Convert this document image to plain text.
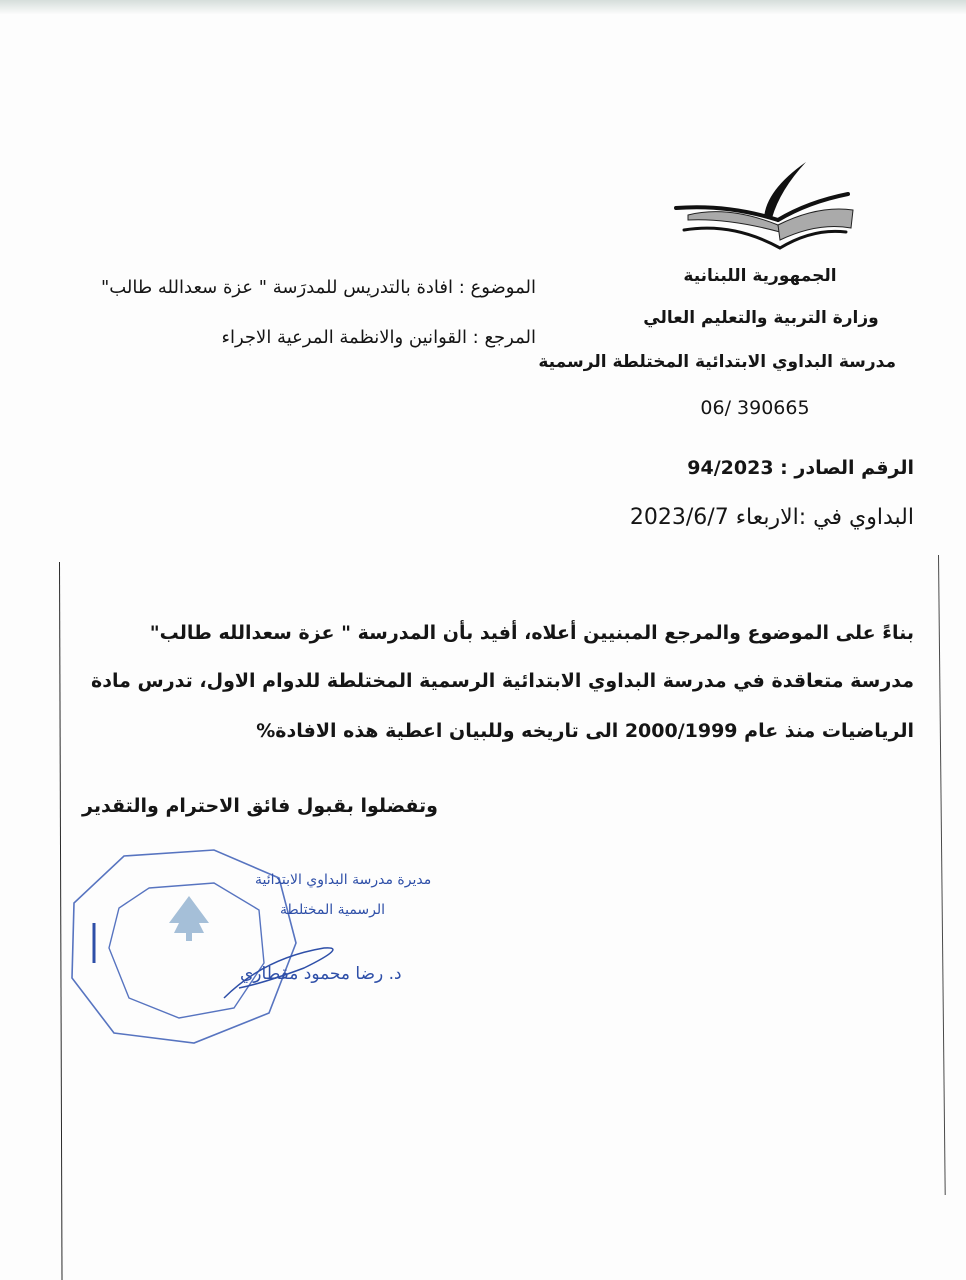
الجمهورية اللبنانية
وزارة التربية والتعليم العالي
مدرسة البداوي الابتدائية المختلطة الرسمية
06/ 390665
الموضوع : افادة بالتدريس للمدرَسة " عزة سعدالله طالب"
المرجع : القوانين والانظمة المرعية الاجراء
الرقم الصادر : 94/2023
البداوي في :الاربعاء 2023/6/7
بناءً على الموضوع والمرجع المبنيين أعلاه، أفيد بأن المدرسة " عزة سعدالله طالب"
مدرسة متعاقدة في مدرسة البداوي الابتدائية الرسمية المختلطة للدوام الاول، تدرس مادة
الرياضيات منذ عام 2000/1999 الى تاريخه وللبيان اعطية هذه الافادة%
وتفضلوا بقبول فائق الاحترام والتقدير
مديرة مدرسة البداوي الابتدائية
الرسمية المختلطة
د. رضا محمود مقطاري
